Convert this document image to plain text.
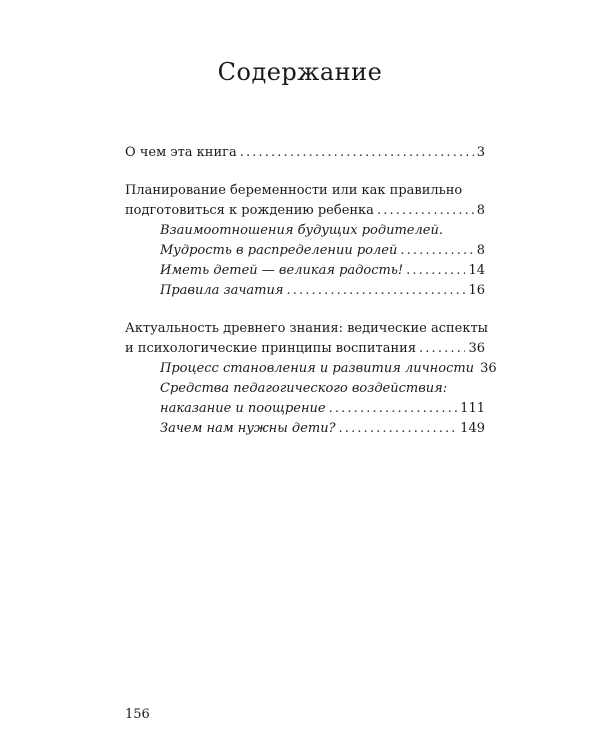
Содержание
О чем эта книга . . .	3
Планирование беременности или как правильно
подготовиться к рождению ребенка . . .	8
Взаимоотношения будущих родителей.
Мудрость в распределении ролей . . .	8
Иметь детей — великая радость! . . .	14
Правила зачатия . . .	16
Актуальность древнего знания: ведические аспекты
и психологические принципы воспитания . . .	36
Процесс становления и развития личности 36
Средства педагогического воздействия:
наказание и поощрение . . .	111
Зачем нам нужны дети? . . .	149
156
